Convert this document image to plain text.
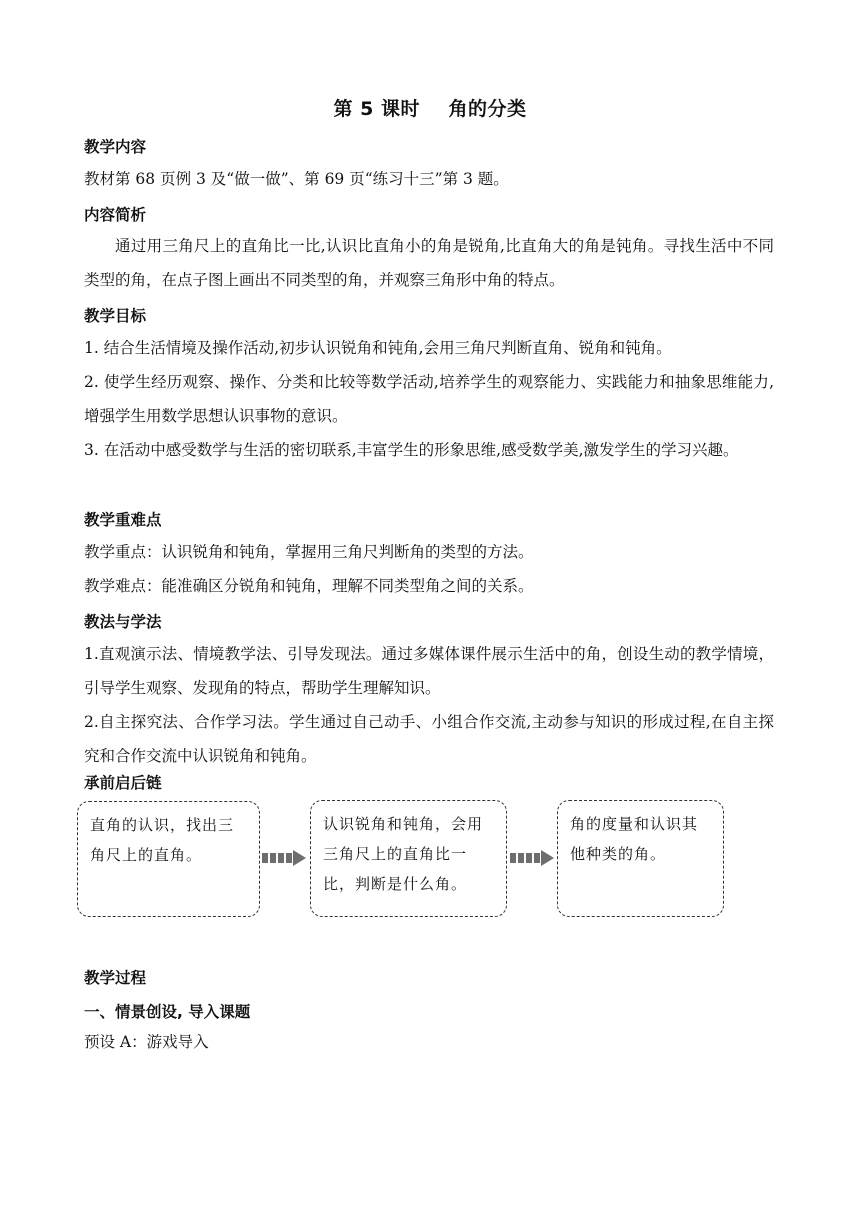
第 5 课时    角的分类
教学内容
教材第 68 页例 3 及“做一做”、第 69 页“练习十三”第 3 题。
内容简析
通过用三角尺上的直角比一比,认识比直角小的角是锐角,比直角大的角是钝角。寻找生活中不同类型的角，在点子图上画出不同类型的角，并观察三角形中角的特点。
教学目标
1. 结合生活情境及操作活动,初步认识锐角和钝角,会用三角尺判断直角、锐角和钝角。
2. 使学生经历观察、操作、分类和比较等数学活动,培养学生的观察能力、实践能力和抽象思维能力,增强学生用数学思想认识事物的意识。
3. 在活动中感受数学与生活的密切联系,丰富学生的形象思维,感受数学美,激发学生的学习兴趣。
教学重难点
教学重点：认识锐角和钝角，掌握用三角尺判断角的类型的方法。
教学难点：能准确区分锐角和钝角，理解不同类型角之间的关系。
教法与学法
1.直观演示法、情境教学法、引导发现法。通过多媒体课件展示生活中的角，创设生动的教学情境，引导学生观察、发现角的特点，帮助学生理解知识。
2.自主探究法、合作学习法。学生通过自己动手、小组合作交流,主动参与知识的形成过程,在自主探究和合作交流中认识锐角和钝角。
承前启后链
直角的认识，找出三角尺上的直角。
认识锐角和钝角，会用三角尺上的直角比一比，判断是什么角。
角的度量和认识其他种类的角。
教学过程
一、情景创设, 导入课题
预设 A：游戏导入
